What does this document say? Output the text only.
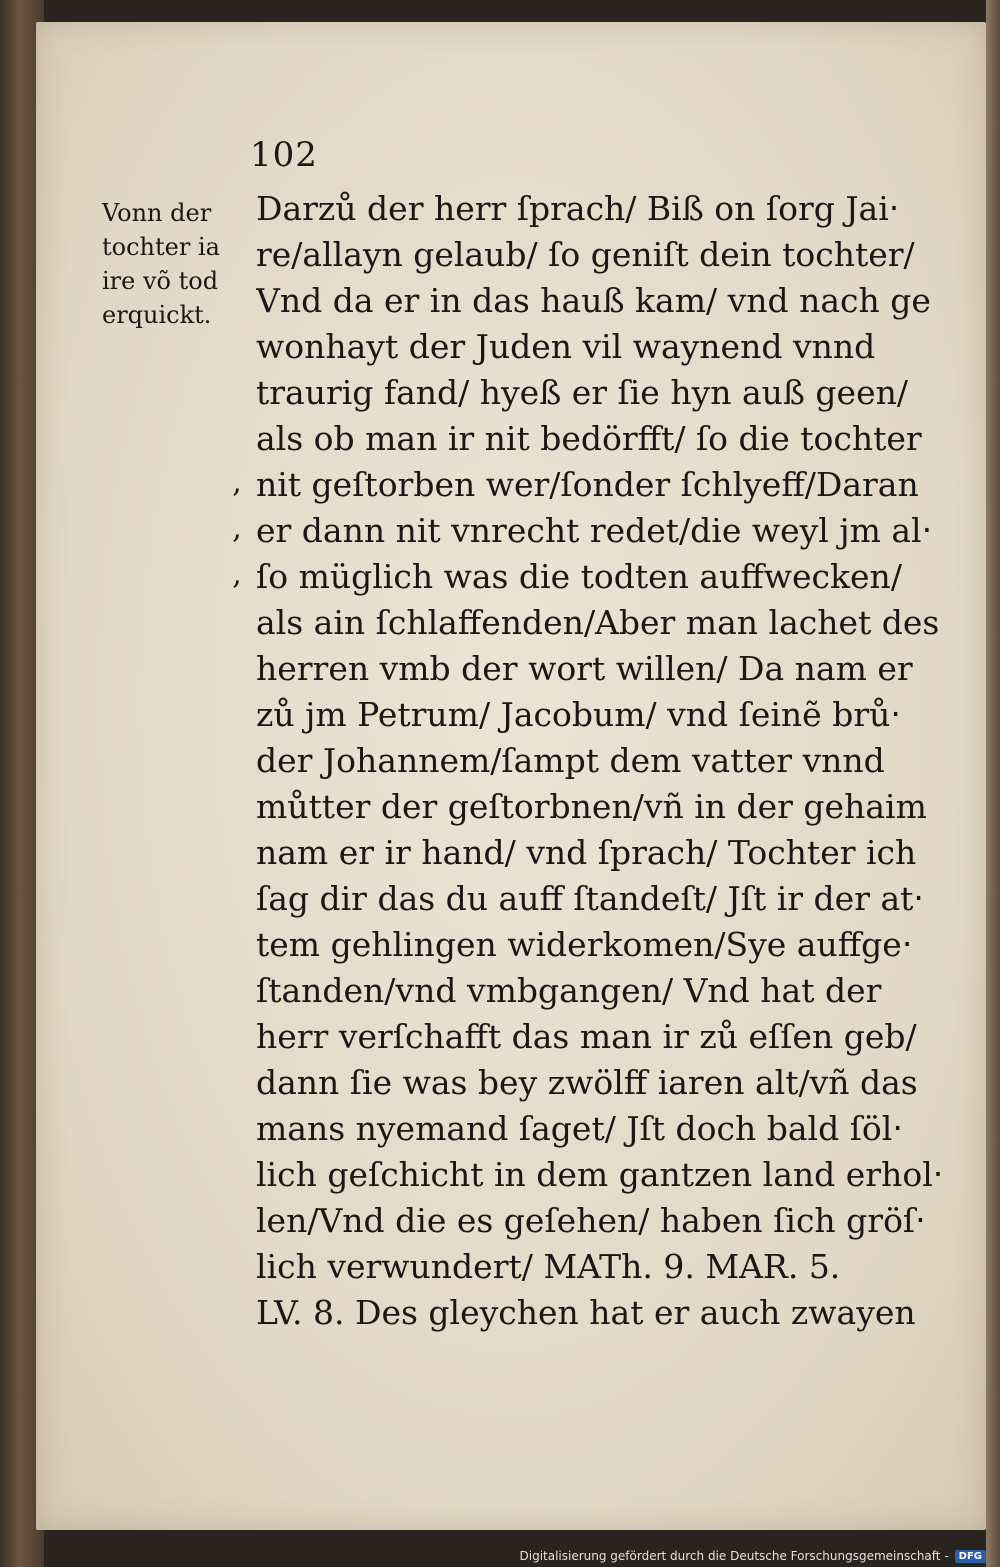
102
Vonn der
tochter ia
ire võ tod
erquickt.
‚
‚
‚
Darzů der herr ſprach/ Biß on ſorg Jai‧
re/allayn gelaub/ ſo geniſt dein tochter/
Vnd da er in das hauß kam/ vnd nach ge
wonhayt der Juden vil waynend vnnd
traurig fand/ hyeß er ſie hyn auß geen/
als ob man ir nit bedörfft/ ſo die tochter
nit geſtorben wer/ſonder ſchlyeff/Daran
er dann nit vnrecht redet/die weyl jm al‧
ſo müglich was die todten auffwecken/
als ain ſchlaffenden/Aber man lachet des
herren vmb der wort willen/ Da nam er
zů jm Petrum/ Jacobum/ vnd ſeinẽ brů‧
der Johannem/ſampt dem vatter vnnd
můtter der geſtorbnen/vñ in der gehaim
nam er ir hand/ vnd ſprach/ Tochter ich
ſag dir das du auff ſtandeſt/ Jſt ir der at‧
tem gehlingen widerkomen/Sye auffge‧
ſtanden/vnd vmbgangen/ Vnd hat der
herr verſchafft das man ir zů eſſen geb/
dann ſie was bey zwölff iaren alt/vñ das
mans nyemand ſaget/ Jſt doch bald ſöl‧
lich geſchicht in dem gantzen land erhol‧
len/Vnd die es geſehen/ haben ſich gröſ‧
lich verwundert/ MATh. 9. MAR. 5.
LV. 8. Des gleychen hat er auch zwayen
Digitalisierung gefördert durch die Deutsche Forschungsgemeinschaft -	DFG
